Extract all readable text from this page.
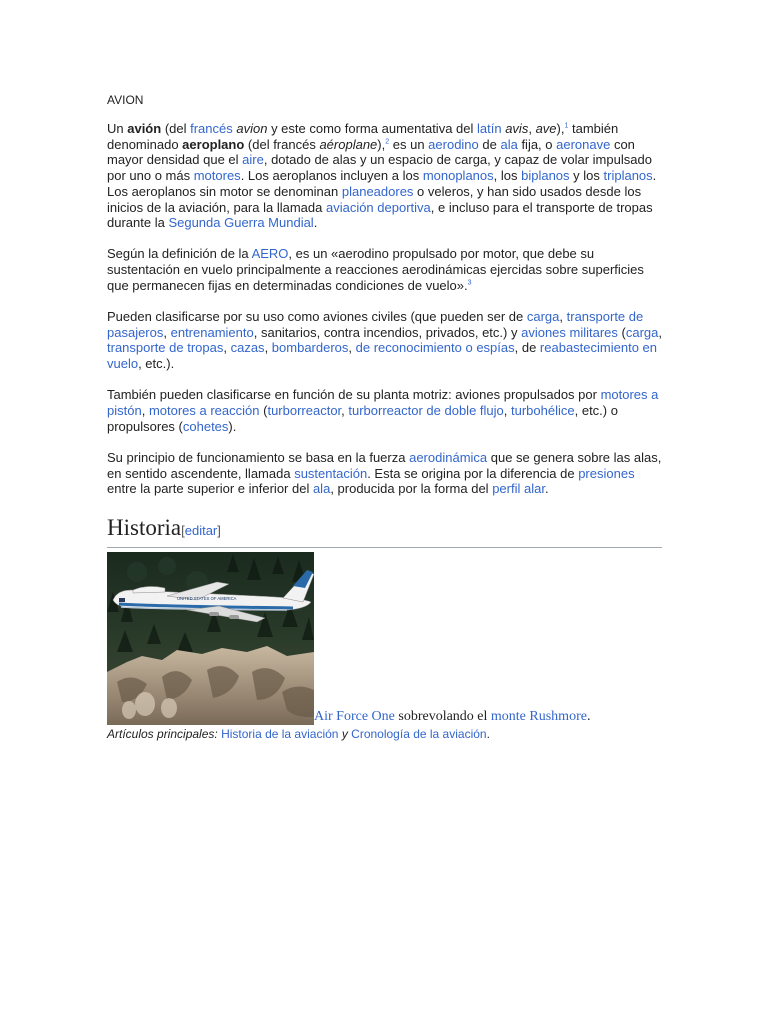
AVION

Un avión (del francés avion y este como forma aumentativa del latín avis, ave),$^1$ también denominado aeroplano (del francés aéroplane),$^2$ es un aerodino de ala fija, o aeronave con mayor densidad que el aire, dotado de alas y un espacio de carga, y capaz de volar impulsado por uno o más motores. Los aeroplanos incluyen a los monoplanos, los biplanos y los triplanos. Los aeroplanos sin motor se denominan planeadores o veleros, y han sido usados desde los inicios de la aviación, para la llamada aviación deportiva, e incluso para el transporte de tropas durante la Segunda Guerra Mundial.

Según la definición de la AERO, es un «aerodino propulsado por motor, que debe su sustentación en vuelo principalmente a reacciones aerodinámicas ejercidas sobre superficies que permanecen fijas en determinadas condiciones de vuelo».$^3$

Pueden clasificarse por su uso como aviones civiles (que pueden ser de carga, transporte de pasajeros, entrenamiento, sanitarios, contra incendios, privados, etc.) y aviones militares (carga, transporte de tropas, cazas, bombarderos, de reconocimiento o espías, de reabastecimiento en vuelo, etc.).

También pueden clasificarse en función de su planta motriz: aviones propulsados por motores a pistón, motores a reacción (turborreactor, turborreactor de doble flujo, turbohélice, etc.) o propulsores (cohetes).

Su principio de funcionamiento se basa en la fuerza aerodinámica que se genera sobre las alas, en sentido ascendente, llamada sustentación. Esta se origina por la diferencia de presiones entre la parte superior e inferior del ala, producida por la forma del perfil alar.

Historia[editar]
UNITED STATES OF AMERICA
Air Force One sobrevolando el monte Rushmore.
Artículos principales: Historia de la aviación y Cronología de la aviación.
